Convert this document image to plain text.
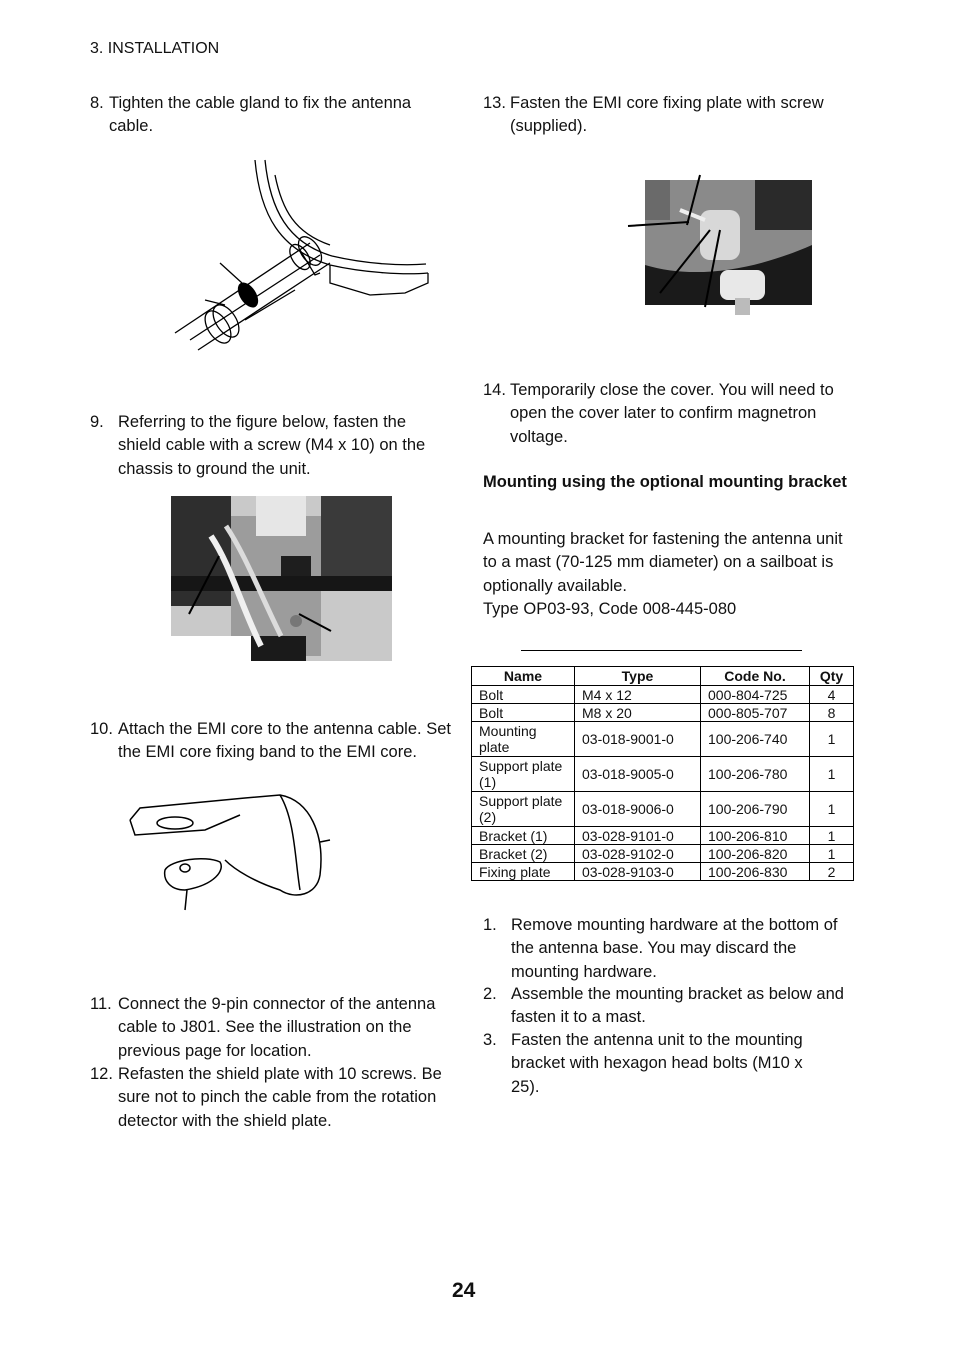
3. INSTALLATION
8. Tighten the cable gland to fix the antenna cable.
9. Referring to the figure below, fasten the shield cable with a screw (M4 x 10) on the chassis to ground the unit.
10. Attach the EMI core to the antenna cable. Set the EMI core fixing band to the EMI core.
11. Connect the 9-pin connector of the antenna cable to J801. See the illustration on the previous page for location.
12. Refasten the shield plate with 10 screws. Be sure not to pinch the cable from the rotation detector with the shield plate.
13. Fasten the EMI core fixing plate with screw (supplied).
14. Temporarily close the cover. You will need to open the cover later to confirm magnetron voltage.
Mounting using the optional mounting bracket
A mounting bracket for fastening the antenna unit to a mast (70-125 mm diameter) on a sailboat is optionally available.
Type OP03-93, Code 008-445-080
Name	Type	Code No.	Qty
Bolt	M4 x 12	000-804-725	4
Bolt	M8 x 20	000-805-707	8
Mounting plate	03-018-9001-0	100-206-740	1
Support plate (1)	03-018-9005-0	100-206-780	1
Support plate (2)	03-018-9006-0	100-206-790	1
Bracket (1)	03-028-9101-0	100-206-810	1
Bracket (2)	03-028-9102-0	100-206-820	1
Fixing plate	03-028-9103-0	100-206-830	2
1. Remove mounting hardware at the bottom of the antenna base. You may discard the mounting hardware.
2. Assemble the mounting bracket as below and fasten it to a mast.
3. Fasten the antenna unit to the mounting bracket with hexagon head bolts (M10 x 25).
24
